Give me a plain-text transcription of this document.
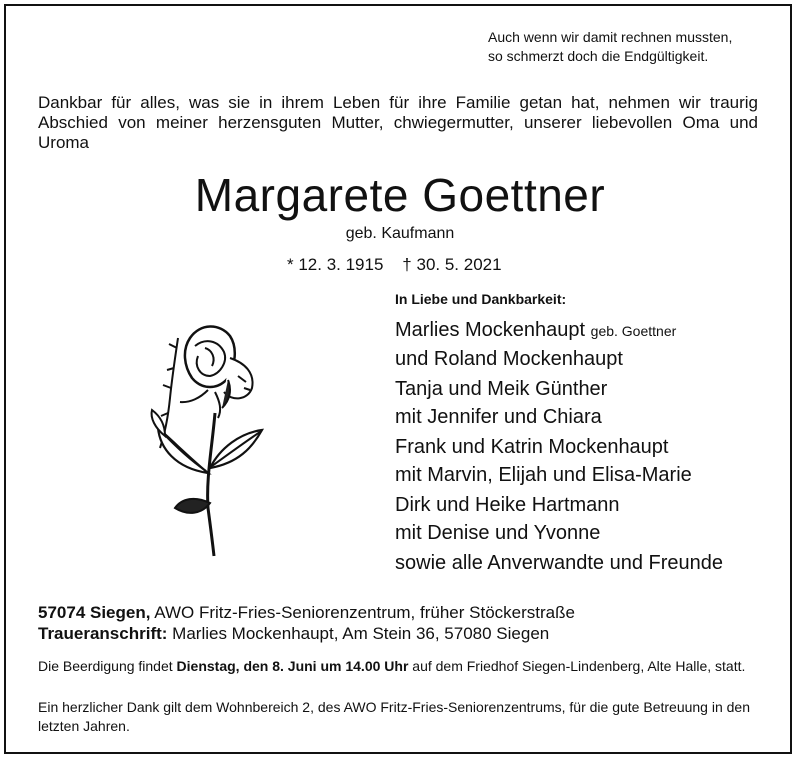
Auch wenn wir damit rechnen mussten,
so schmerzt doch die Endgültigkeit.
Dankbar für alles, was sie in ihrem Leben für ihre Familie getan hat, nehmen wir traurig Abschied von meiner herzensguten Mutter, chwiegermutter, unserer liebevollen Oma und Uroma
Margarete Goettner
geb. Kaufmann
* 12. 3. 1915    † 30. 5. 2021
In Liebe und Dankbarkeit:
Marlies Mockenhaupt geb. Goettner
und Roland Mockenhaupt
Tanja und Meik Günther
mit Jennifer und Chiara
Frank und Katrin Mockenhaupt
mit Marvin, Elijah und Elisa-Marie
Dirk und Heike Hartmann
mit Denise und Yvonne
sowie alle Anverwandte und Freunde
57074 Siegen, AWO Fritz-Fries-Seniorenzentrum, früher Stöckerstraße
Traueranschrift: Marlies Mockenhaupt, Am Stein 36, 57080 Siegen
Die Beerdigung findet Dienstag, den 8. Juni um 14.00 Uhr auf dem Friedhof Siegen-Lindenberg, Alte Halle, statt.
Ein herzlicher Dank gilt dem Wohnbereich 2, des AWO Fritz-Fries-Seniorenzentrums, für die gute Betreuung in den letzten Jahren.
